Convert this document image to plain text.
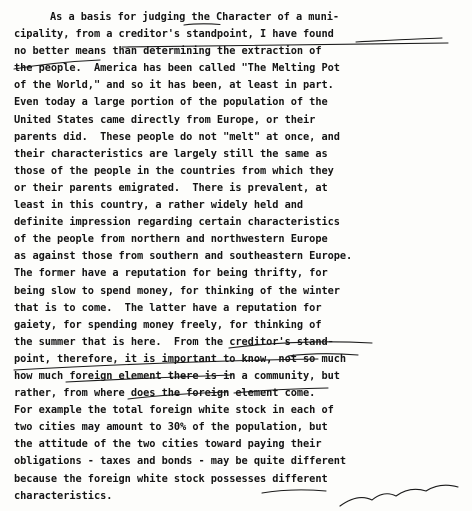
As a basis for judging the Character of a muni-
cipality, from a creditor's standpoint, I have found
no better means than determining the extraction of
the people.  America has been called "The Melting Pot
of the World," and so it has been, at least in part.
Even today a large portion of the population of the
United States came directly from Europe, or their
parents did.  These people do not "melt" at once, and
their characteristics are largely still the same as
those of the people in the countries from which they
or their parents emigrated.  There is prevalent, at
least in this country, a rather widely held and
definite impression regarding certain characteristics
of the people from northern and northwestern Europe
as against those from southern and southeastern Europe.
The former have a reputation for being thrifty, for
being slow to spend money, for thinking of the winter
that is to come.  The latter have a reputation for
gaiety, for spending money freely, for thinking of
the summer that is here.  From the creditor's stand-
point, therefore, it is important to know, not so much
how much foreign element there is in a community, but
rather, from where does the foreign element come.
For example the total foreign white stock in each of
two cities may amount to 30% of the population, but
the attitude of the two cities toward paying their
obligations - taxes and bonds - may be quite different
because the foreign white stock possesses different
characteristics.
